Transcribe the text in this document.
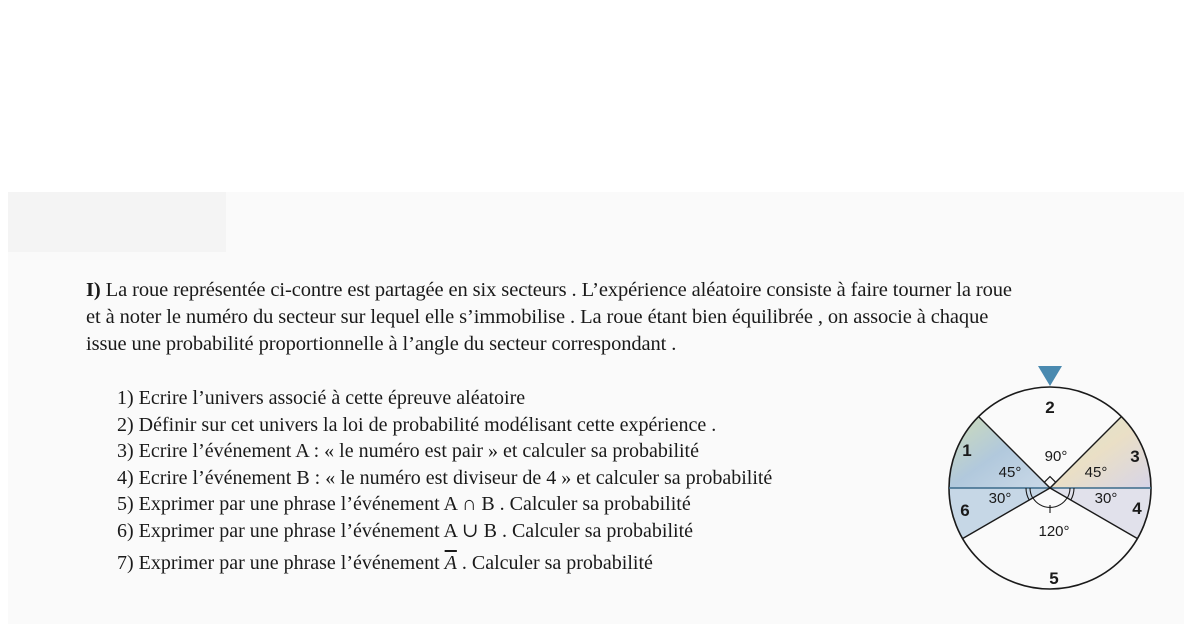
I) La roue représentée ci-contre est partagée en six secteurs . L’expérience aléatoire consiste à faire tourner la roue
et à noter le numéro du secteur sur lequel elle s’immobilise . La roue étant bien équilibrée , on associe à chaque
issue une probabilité proportionnelle à l’angle du secteur correspondant .
1) Ecrire l’univers associé à cette épreuve aléatoire
2) Définir sur cet univers la loi de probabilité modélisant cette expérience .
3) Ecrire l’événement A : « le numéro est pair » et calculer sa probabilité
4) Ecrire l’événement B : « le numéro est diviseur de 4 » et calculer sa probabilité
5) Exprimer par une phrase l’événement A ∩ B . Calculer sa probabilité
6) Exprimer par une phrase l’événement A ∪ B . Calculer sa probabilité
7) Exprimer par une phrase l’événement $\overline{A}$ . Calculer sa probabilité
2
1	3
6	4
5
90°
45°	45°
30°	30°
120°
